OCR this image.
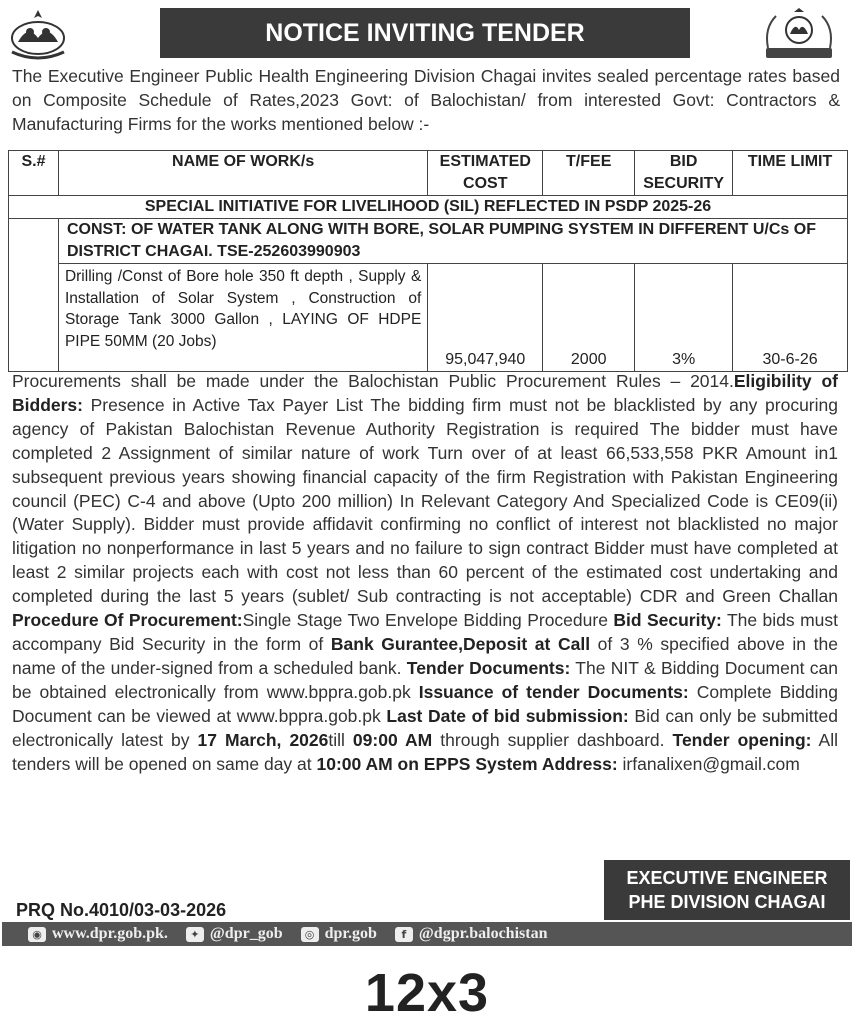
NOTICE INVITING TENDER
The Executive Engineer Public Health Engineering Division Chagai invites sealed percentage rates based on Composite Schedule of Rates,2023 Govt: of Balochistan/ from interested Govt: Contractors & Manufacturing Firms for the works mentioned below :-
S.#	NAME OF WORK/s	ESTIMATED COST	T/FEE	BID SECURITY	TIME LIMIT
SPECIAL INITIATIVE FOR LIVELIHOOD (SIL) REFLECTED IN PSDP 2025-26					
	CONST: OF WATER TANK ALONG WITH BORE, SOLAR PUMPING SYSTEM IN DIFFERENT U/Cs OF DISTRICT CHAGAI. TSE-252603990903				
	Drilling /Const of Bore hole 350 ft depth , Supply & Installation of Solar System , Construction of Storage Tank 3000 Gallon , LAYING OF HDPE PIPE 50MM (20 Jobs)	95,047,940	2000	3%	30-6-26
Procurements shall be made under the Balochistan Public Procurement Rules – 2014.Eligibility of Bidders: Presence in Active Tax Payer List The bidding firm must not be blacklisted by any procuring agency of Pakistan Balochistan Revenue Authority Registration is required The bidder must have completed 2 Assignment of similar nature of work Turn over of at least 66,533,558 PKR Amount in1 subsequent previous years showing financial capacity of the firm Registration with Pakistan Engineering council (PEC) C-4 and above (Upto 200 million) In Relevant Category And Specialized Code is CE09(ii) (Water Supply). Bidder must provide affidavit confirming no conflict of interest not blacklisted no major litigation no nonperformance in last 5 years and no failure to sign contract Bidder must have completed at least 2 similar projects each with cost not less than 60 percent of the estimated cost undertaking and completed during the last 5 years (sublet/ Sub contracting is not acceptable) CDR and Green Challan Procedure Of Procurement:Single Stage Two Envelope Bidding Procedure Bid Security: The bids must accompany Bid Security in the form of Bank Gurantee,Deposit at Call of 3 % specified above in the name of the under-signed from a scheduled bank. Tender Documents: The NIT & Bidding Document can be obtained electronically from www.bppra.gob.pk Issuance of tender Documents: Complete Bidding Document can be viewed at www.bppra.gob.pk Last Date of bid submission: Bid can only be submitted electronically latest by 17 March, 2026till 09:00 AM through supplier dashboard. Tender opening: All tenders will be opened on same day at 10:00 AM on EPPS System Address: irfanalixen@gmail.com
EXECUTIVE ENGINEER
PHE DIVISION CHAGAI
PRQ No.4010/03-03-2026
◉ www.dpr.gob.pk.	✦ @dpr_gob	◎ dpr.gob	f @dgpr.balochistan
12x3
